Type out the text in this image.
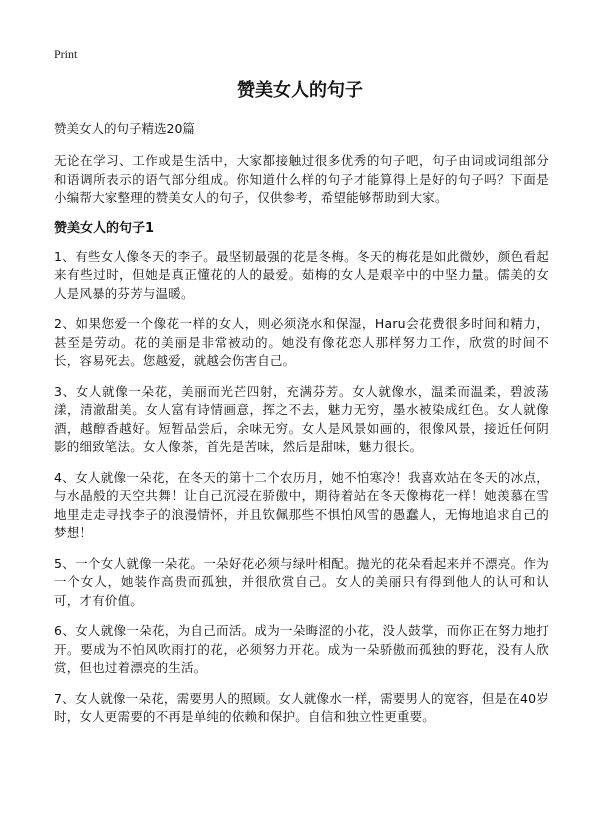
Print
赞美女人的句子

赞美女人的句子精选20篇

无论在学习、工作或是生活中，大家都接触过很多优秀的句子吧，句子由词或词组部分和语调所表示的语气部分组成。你知道什么样的句子才能算得上是好的句子吗？下面是小编帮大家整理的赞美女人的句子，仅供参考，希望能够帮助到大家。

赞美女人的句子1

1、有些女人像冬天的李子。最坚韧最强的花是冬梅。冬天的梅花是如此微妙，颜色看起来有些过时，但她是真正懂花的人的最爱。茹梅的女人是艰辛中的中坚力量。儒美的女人是风暴的芬芳与温暖。

2、如果您爱一个像花一样的女人，则必须浇水和保湿，Haru会花费很多时间和精力，甚至是劳动。花的美丽是非常被动的。她没有像花恋人那样努力工作，欣赏的时间不长，容易死去。您越爱，就越会伤害自己。

3、女人就像一朵花，美丽而光芒四射，充满芬芳。女人就像水，温柔而温柔，碧波荡漾，清澈甜美。女人富有诗情画意，挥之不去，魅力无穷，墨水被染成红色。女人就像酒，越醇香越好。短暂品尝后，余味无穷。女人是风景如画的，很像风景，接近任何阴影的细致笔法。女人像茶，首先是苦味，然后是甜味，魅力很长。

4、女人就像一朵花，在冬天的第十二个农历月，她不怕寒冷！我喜欢站在冬天的冰点，与水晶般的天空共舞！让自己沉浸在骄傲中，期待着站在冬天像梅花一样！她羡慕在雪地里走走寻找李子的浪漫情怀，并且钦佩那些不惧怕风雪的愚蠢人，无悔地追求自己的梦想！

5、一个女人就像一朵花。一朵好花必须与绿叶相配。抛光的花朵看起来并不漂亮。作为一个女人，她装作高贵而孤独，并很欣赏自己。女人的美丽只有得到他人的认可和认可，才有价值。

6、女人就像一朵花，为自己而活。成为一朵晦涩的小花，没人鼓掌，而你正在努力地打开。要成为不怕风吹雨打的花，必须努力开花。成为一朵骄傲而孤独的野花，没有人欣赏，但也过着漂亮的生活。

7、女人就像一朵花，需要男人的照顾。女人就像水一样，需要男人的宽容，但是在40岁时，女人更需要的不再是单纯的依赖和保护。自信和独立性更重要。
